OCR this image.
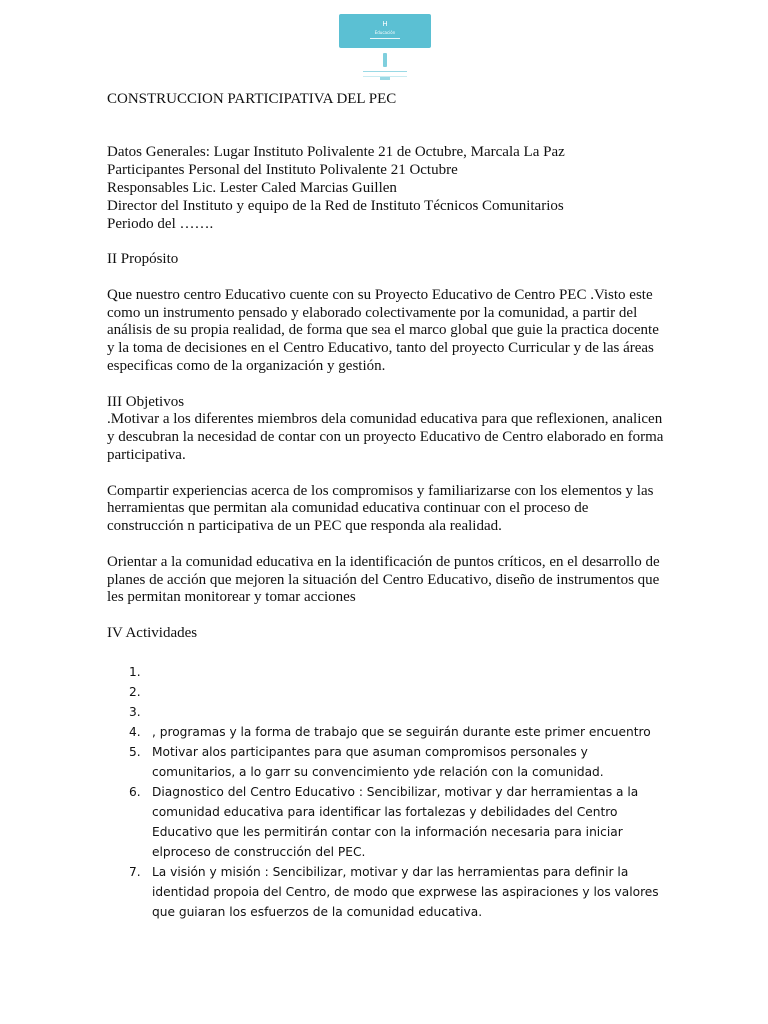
H
Educación

CONSTRUCCION PARTICIPATIVA DEL PEC

Datos Generales: Lugar Instituto Polivalente 21 de Octubre, Marcala La Paz

Participantes Personal del Instituto Polivalente 21 Octubre

Responsables Lic. Lester Caled Marcias Guillen

Director del Instituto y equipo de la Red de Instituto Técnicos Comunitarios

Periodo del …….

II Propósito

Que nuestro centro Educativo cuente con su Proyecto Educativo de Centro PEC .Visto este como un instrumento pensado y elaborado colectivamente por la comunidad, a partir del análisis de su propia realidad, de forma que sea el marco global que guie la practica docente y la toma de decisiones en el Centro Educativo, tanto del proyecto Curricular y de las áreas especificas como de la organización y gestión.

III Objetivos

.Motivar a los diferentes miembros dela comunidad educativa para que reflexionen, analicen y descubran la necesidad de contar con un proyecto Educativo de Centro elaborado en forma participativa.

Compartir experiencias acerca de los compromisos y familiarizarse con los elementos y las herramientas que permitan ala comunidad educativa continuar con el proceso de construcción n participativa de un PEC que responda ala realidad.

Orientar a la comunidad educativa en la identificación de puntos críticos, en el desarrollo de planes de acción que mejoren la situación del Centro Educativo, diseño de instrumentos que les permitan monitorear y tomar acciones

IV Actividades

1.
2.
3.
4. , programas y la forma de trabajo que se seguirán durante este primer encuentro
5. Motivar alos participantes para que asuman compromisos personales y comunitarios, a lo garr su convencimiento yde relación con la comunidad.
6. Diagnostico del Centro Educativo : Sencibilizar, motivar y dar herramientas a la comunidad educativa para identificar las fortalezas y debilidades del Centro Educativo que les permitirán contar con la información necesaria para iniciar elproceso de construcción del PEC.
7. La visión y misión : Sencibilizar, motivar y dar las herramientas para definir la identidad propoia del Centro, de modo que exprwese las aspiraciones y los valores que guiaran los esfuerzos de la comunidad educativa.
